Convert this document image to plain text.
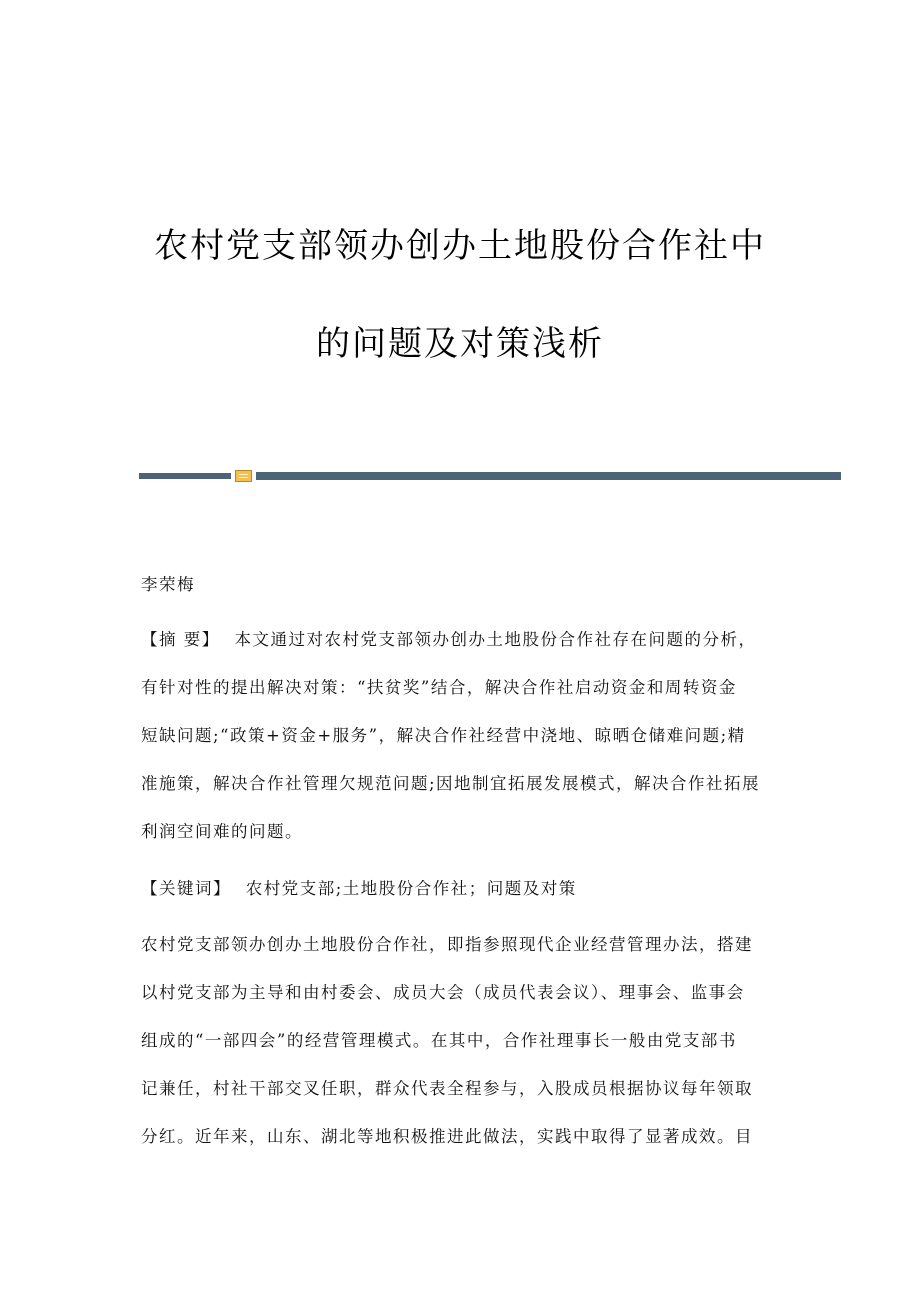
农村党支部领办创办土地股份合作社中
的问题及对策浅析
李荣梅
【摘 要】 本文通过对农村党支部领办创办土地股份合作社存在问题的分析，
有针对性的提出解决对策：“扶贫奖”结合，解决合作社启动资金和周转资金
短缺问题;“政策+资金+服务”，解决合作社经营中浇地、晾晒仓储难问题;精
准施策，解决合作社管理欠规范问题;因地制宜拓展发展模式，解决合作社拓展
利润空间难的问题。
【关键词】 农村党支部;土地股份合作社；问题及对策
农村党支部领办创办土地股份合作社，即指参照现代企业经营管理办法，搭建
以村党支部为主导和由村委会、成员大会（成员代表会议）、理事会、监事会
组成的“一部四会”的经营管理模式。在其中，合作社理事长一般由党支部书
记兼任，村社干部交叉任职，群众代表全程参与，入股成员根据协议每年领取
分红。近年来，山东、湖北等地积极推进此做法，实践中取得了显著成效。目
